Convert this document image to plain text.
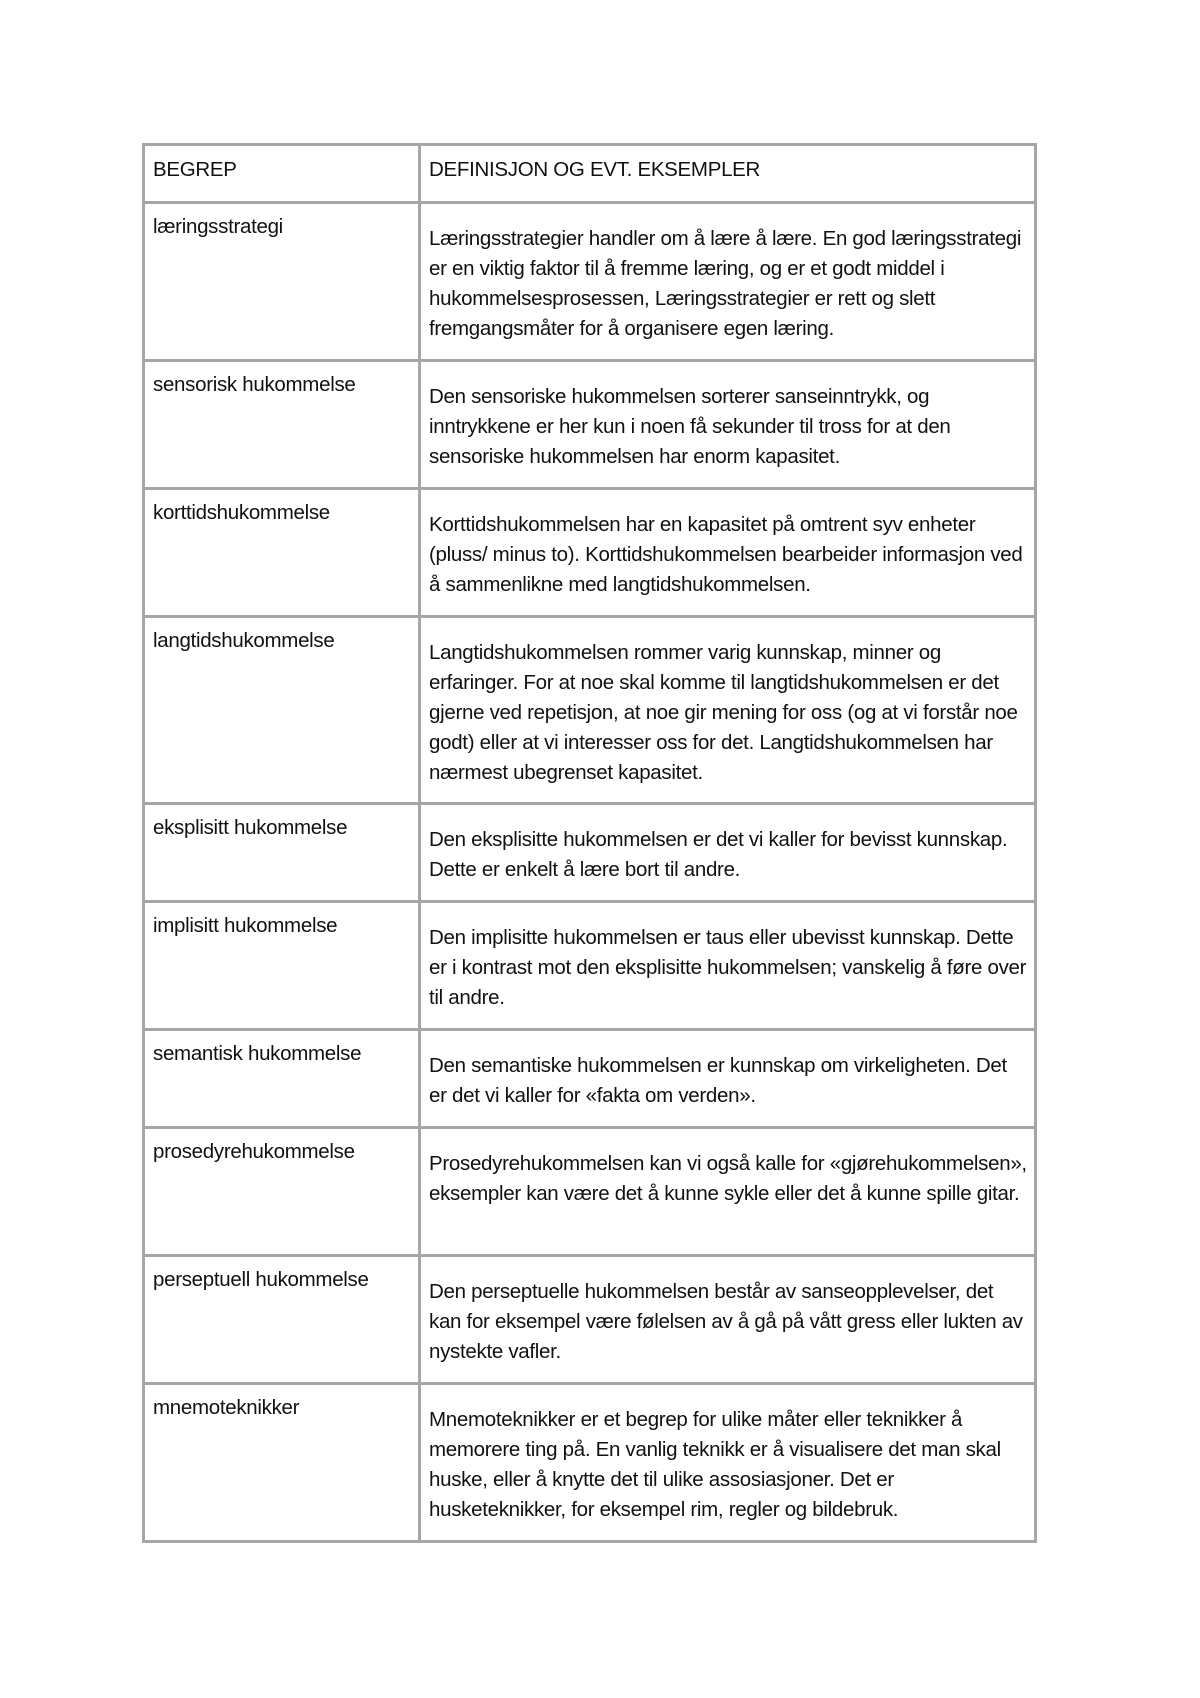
BEGREP	DEFINISJON OG EVT. EKSEMPLER
læringsstrategi	Læringsstrategier handler om å lære å lære. En god læringsstrategi er en viktig faktor til å fremme læring, og er et godt middel i hukommelsesprosessen, Læringsstrategier er rett og slett fremgangsmåter for å organisere egen læring.
sensorisk hukommelse	Den sensoriske hukommelsen sorterer sanseinntrykk, og inntrykkene er her kun i noen få sekunder til tross for at den sensoriske hukommelsen har enorm kapasitet.
korttidshukommelse	Korttidshukommelsen har en kapasitet på omtrent syv enheter (pluss/ minus to). Korttidshukommelsen bearbeider informasjon ved å sammenlikne med langtidshukommelsen.
langtidshukommelse	Langtidshukommelsen rommer varig kunnskap, minner og erfaringer. For at noe skal komme til langtidshukommelsen er det gjerne ved repetisjon, at noe gir mening for oss (og at vi forstår noe godt) eller at vi interesser oss for det. Langtidshukommelsen har nærmest ubegrenset kapasitet.
eksplisitt hukommelse	Den eksplisitte hukommelsen er det vi kaller for bevisst kunnskap. Dette er enkelt å lære bort til andre.
implisitt hukommelse	Den implisitte hukommelsen er taus eller ubevisst kunnskap. Dette er i kontrast mot den eksplisitte hukommelsen; vanskelig å føre over til andre.
semantisk hukommelse	Den semantiske hukommelsen er kunnskap om virkeligheten. Det er det vi kaller for «fakta om verden».
prosedyrehukommelse	Prosedyrehukommelsen kan vi også kalle for «gjørehukommelsen», eksempler kan være det å kunne sykle eller det å kunne spille gitar.
perseptuell hukommelse	Den perseptuelle hukommelsen består av sanseopplevelser, det kan for eksempel være følelsen av å gå på vått gress eller lukten av nystekte vafler.
mnemoteknikker	Mnemoteknikker er et begrep for ulike måter eller teknikker å memorere ting på. En vanlig teknikk er å visualisere det man skal huske, eller å knytte det til ulike assosiasjoner. Det er husketeknikker, for eksempel rim, regler og bildebruk.
